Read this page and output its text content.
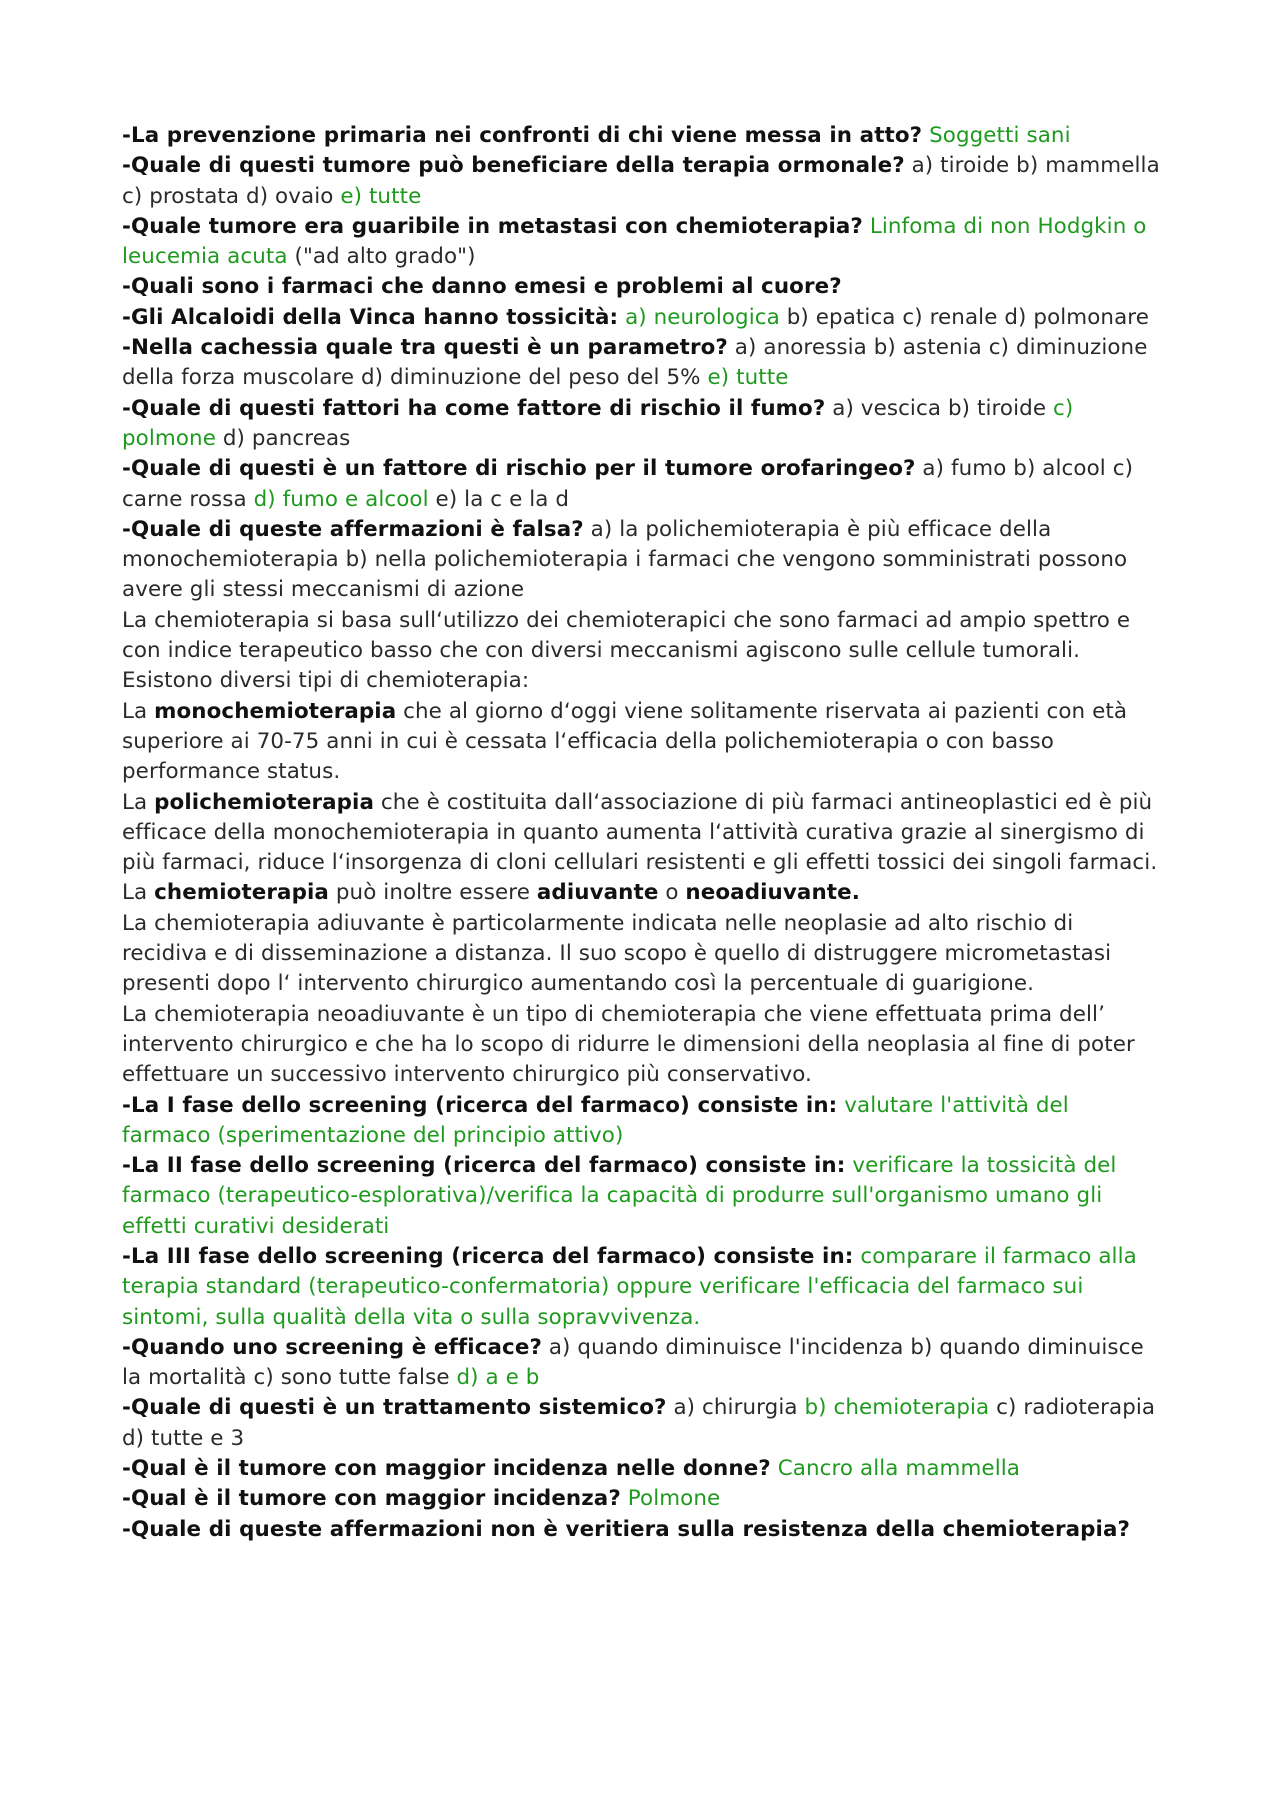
-La prevenzione primaria nei confronti di chi viene messa in atto? Soggetti sani
-Quale di questi tumore può beneficiare della terapia ormonale? a) tiroide b) mammella c) prostata d) ovaio e) tutte
-Quale tumore era guaribile in metastasi con chemioterapia? Linfoma di non Hodgkin o leucemia acuta ("ad alto grado")
-Quali sono i farmaci che danno emesi e problemi al cuore?
-Gli Alcaloidi della Vinca hanno tossicità: a) neurologica b) epatica c) renale d) polmonare
-Nella cachessia quale tra questi è un parametro? a) anoressia b) astenia c) diminuzione della forza muscolare d) diminuzione del peso del 5% e) tutte
-Quale di questi fattori ha come fattore di rischio il fumo? a) vescica b) tiroide c) polmone d) pancreas
-Quale di questi è un fattore di rischio per il tumore orofaringeo? a) fumo b) alcool c) carne rossa d) fumo e alcool e) la c e la d
-Quale di queste affermazioni è falsa? a) la polichemioterapia è più efficace della monochemioterapia b) nella polichemioterapia i farmaci che vengono somministrati possono avere gli stessi meccanismi di azione
La chemioterapia si basa sull‘utilizzo dei chemioterapici che sono farmaci ad ampio spettro e con indice terapeutico basso che con diversi meccanismi agiscono sulle cellule tumorali.
Esistono diversi tipi di chemioterapia:
La monochemioterapia che al giorno d‘oggi viene solitamente riservata ai pazienti con età superiore ai 70-75 anni in cui è cessata l‘efficacia della polichemioterapia o con basso performance status.
La polichemioterapia che è costituita dall‘associazione di più farmaci antineoplastici ed è più efficace della monochemioterapia in quanto aumenta l‘attività curativa grazie al sinergismo di più farmaci, riduce l‘insorgenza di cloni cellulari resistenti e gli effetti tossici dei singoli farmaci.
La chemioterapia può inoltre essere adiuvante o neoadiuvante.
La chemioterapia adiuvante è particolarmente indicata nelle neoplasie ad alto rischio di recidiva e di disseminazione a distanza. Il suo scopo è quello di distruggere micrometastasi presenti dopo l‘ intervento chirurgico aumentando così la percentuale di guarigione.
La chemioterapia neoadiuvante è un tipo di chemioterapia che viene effettuata prima dell’ intervento chirurgico e che ha lo scopo di ridurre le dimensioni della neoplasia al fine di poter effettuare un successivo intervento chirurgico più conservativo.
-La I fase dello screening (ricerca del farmaco) consiste in: valutare l'attività del farmaco (sperimentazione del principio attivo)
-La II fase dello screening (ricerca del farmaco) consiste in: verificare la tossicità del farmaco (terapeutico-esplorativa)/verifica la capacità di produrre sull'organismo umano gli effetti curativi desiderati
-La III fase dello screening (ricerca del farmaco) consiste in: comparare il farmaco alla terapia standard (terapeutico-confermatoria) oppure verificare l'efficacia del farmaco sui sintomi, sulla qualità della vita o sulla sopravvivenza.
-Quando uno screening è efficace? a) quando diminuisce l'incidenza b) quando diminuisce la mortalità c) sono tutte false d) a e b
-Quale di questi è un trattamento sistemico? a) chirurgia b) chemioterapia c) radioterapia d) tutte e 3
-Qual è il tumore con maggior incidenza nelle donne? Cancro alla mammella
-Qual è il tumore con maggior incidenza? Polmone
-Quale di queste affermazioni non è veritiera sulla resistenza della chemioterapia?
